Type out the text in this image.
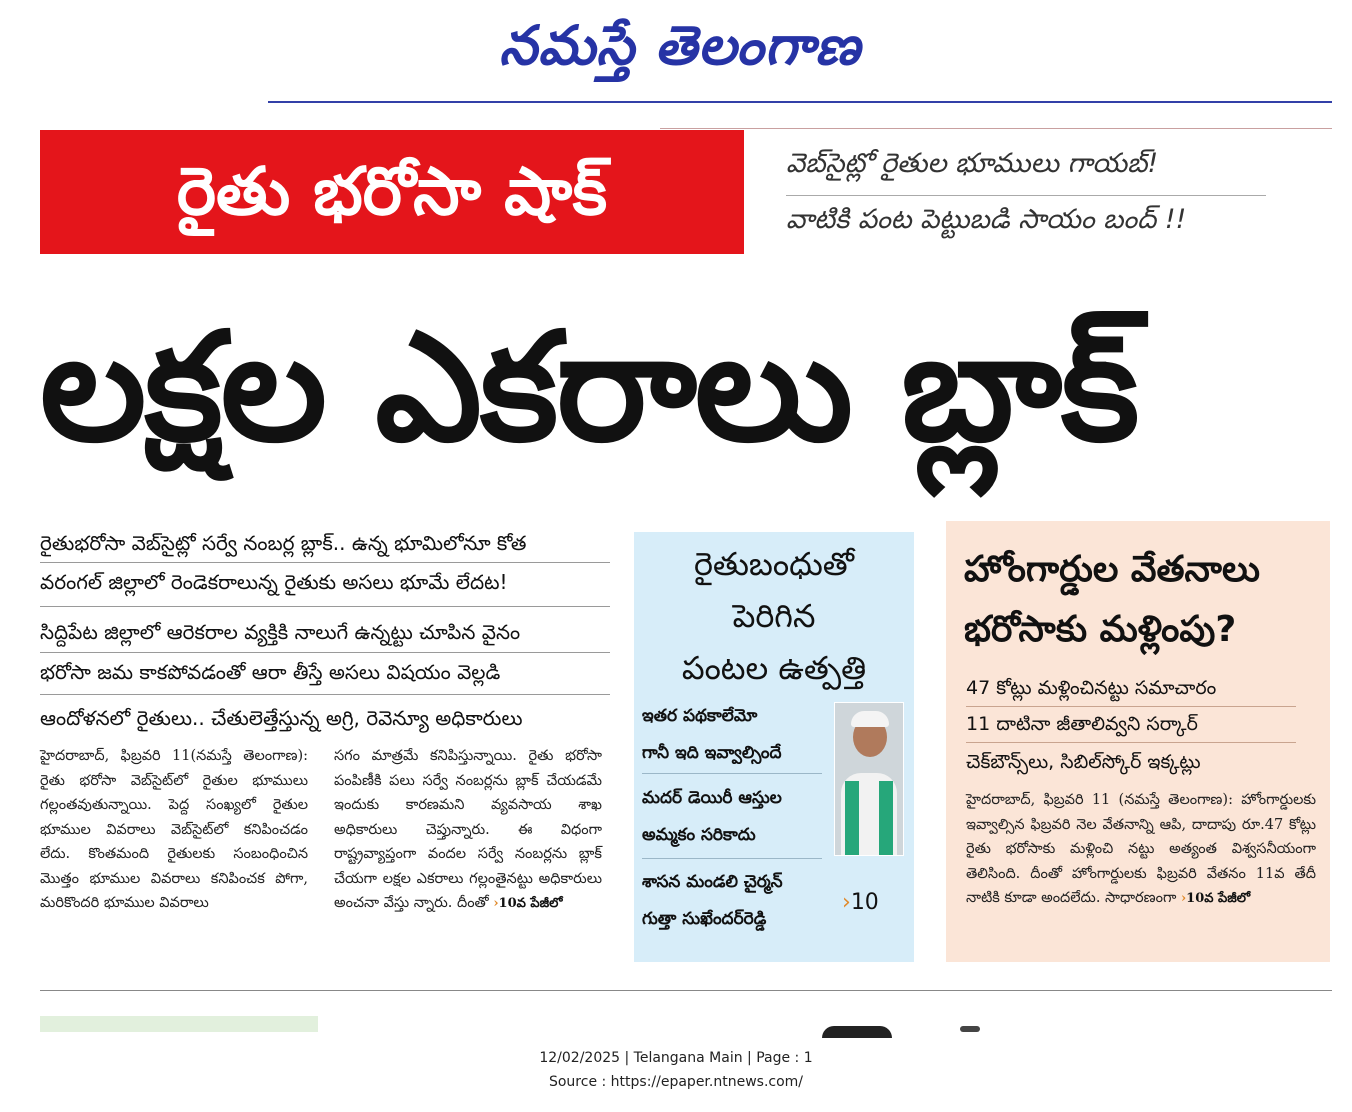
నమస్తే తెలంగాణ
రైతు భరోసా షాక్	వెబ్‌సైట్లో రైతుల భూములు గాయబ్!
వాటికి పంట పెట్టుబడి సాయం బంద్ !!
లక్షల ఎకరాలు బ్లాక్
రైతుభరోసా వెబ్‌సైట్లో సర్వే నంబర్ల బ్లాక్.. ఉన్న భూమిలోనూ కోత
వరంగల్ జిల్లాలో రెండెకరాలున్న రైతుకు అసలు భూమే లేదట!
సిద్దిపేట జిల్లాలో ఆరెకరాల వ్యక్తికి నాలుగే ఉన్నట్టు చూపిన వైనం
భరోసా జమ కాకపోవడంతో ఆరా తీస్తే అసలు విషయం వెల్లడి
ఆందోళనలో రైతులు.. చేతులెత్తేస్తున్న అగ్రి, రెవెన్యూ అధికారులు
హైదరాబాద్, ఫిబ్రవరి 11(నమస్తే తెలంగాణ): రైతు భరోసా వెబ్‌సైట్‌లో రైతుల భూములు గల్లంతవుతున్నాయి. పెద్ద సంఖ్యలో రైతుల భూముల వివరాలు వెబ్‌సైట్‌లో కనిపించడం లేదు. కొంతమంది రైతులకు సంబంధించిన మొత్తం భూముల వివరాలు కనిపించక పోగా, మరికొందరి భూముల వివరాలు
సగం మాత్రమే కనిపిస్తున్నాయి. రైతు భరోసా పంపిణీకి పలు సర్వే నంబర్లను బ్లాక్ చేయడమే ఇందుకు కారణమని వ్యవసాయ శాఖ అధికారులు చెప్తున్నారు. ఈ విధంగా రాష్ట్రవ్యాప్తంగా వందల సర్వే నంబర్లను బ్లాక్ చేయగా లక్షల ఎకరాలు గల్లంతైనట్టు అధికారులు అంచనా వేస్తు న్నారు. దీంతో ›10వ పేజీలో
రైతుబంధుతో
పెరిగిన
పంటల ఉత్పత్తి
ఇతర పథకాలేమో
గానీ ఇది ఇవ్వాల్సిందే
మదర్ డెయిరీ ఆస్తుల
అమ్మకం సరికాదు
శాసన మండలి చైర్మన్
గుత్తా సుఖేందర్‌రెడ్డి
›10
హోంగార్డుల వేతనాలు
భరోసాకు మళ్లింపు?
47 కోట్లు మళ్లించినట్టు సమాచారం
11 దాటినా జీతాలివ్వని సర్కార్
చెక్‌బౌన్స్‌లు, సిబిల్‌స్కోర్ ఇక్కట్లు
హైదరాబాద్, ఫిబ్రవరి 11 (నమస్తే తెలంగాణ): హోంగార్డులకు ఇవ్వాల్సిన ఫిబ్రవరి నెల వేతనాన్ని ఆపి, దాదాపు రూ.47 కోట్లు రైతు భరోసాకు మళ్లించి నట్టు అత్యంత విశ్వసనీయంగా తెలిసింది. దీంతో హోంగార్డులకు ఫిబ్రవరి వేతనం 11వ తేదీ నాటికి కూడా అందలేదు. సాధారణంగా ›10వ పేజీలో
12/02/2025 | Telangana Main | Page : 1
Source : https://epaper.ntnews.com/
